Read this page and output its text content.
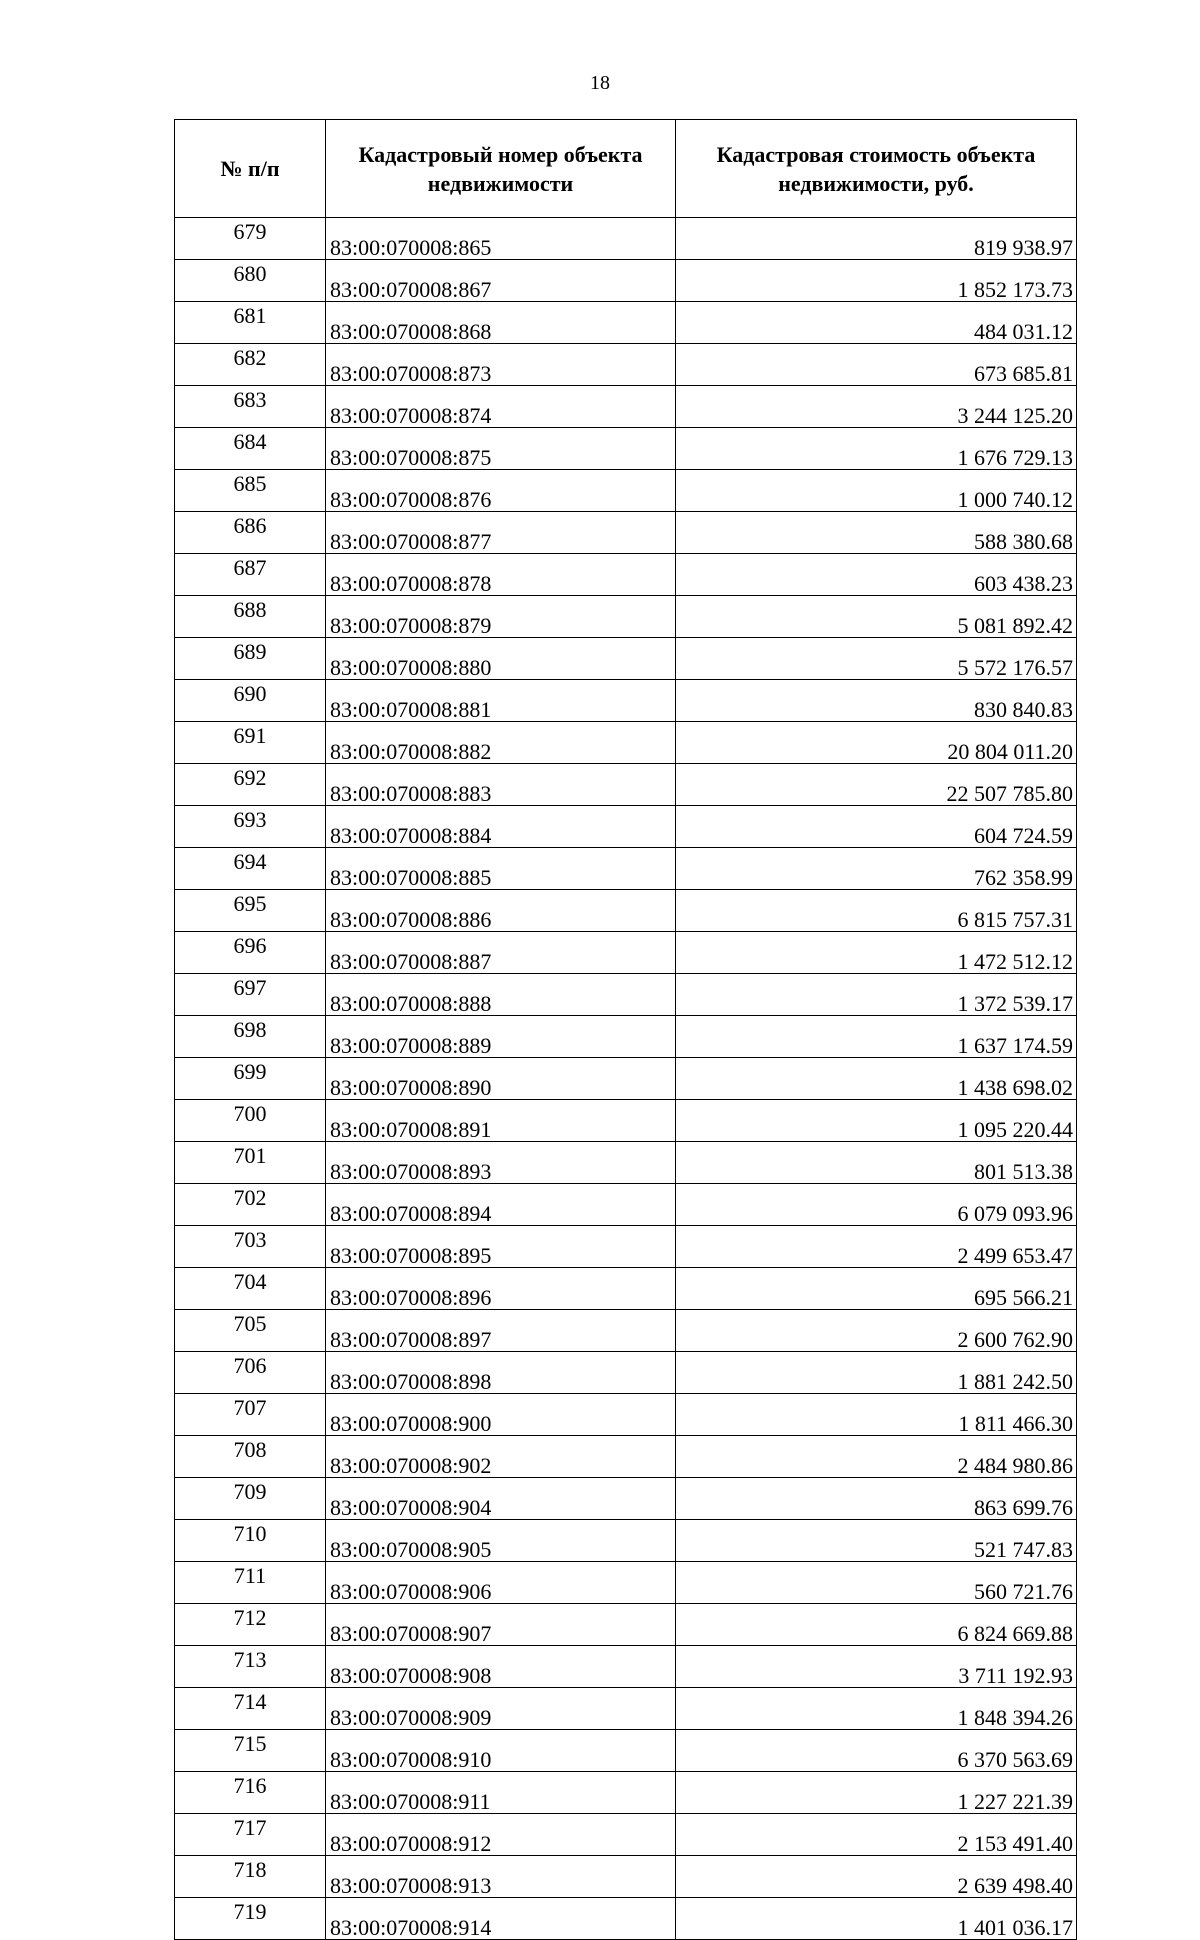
18
№ п/п	Кадастровый номер объекта недвижимости	Кадастровая стоимость объекта недвижимости, руб.
679	83:00:070008:865	819 938.97
680	83:00:070008:867	1 852 173.73
681	83:00:070008:868	484 031.12
682	83:00:070008:873	673 685.81
683	83:00:070008:874	3 244 125.20
684	83:00:070008:875	1 676 729.13
685	83:00:070008:876	1 000 740.12
686	83:00:070008:877	588 380.68
687	83:00:070008:878	603 438.23
688	83:00:070008:879	5 081 892.42
689	83:00:070008:880	5 572 176.57
690	83:00:070008:881	830 840.83
691	83:00:070008:882	20 804 011.20
692	83:00:070008:883	22 507 785.80
693	83:00:070008:884	604 724.59
694	83:00:070008:885	762 358.99
695	83:00:070008:886	6 815 757.31
696	83:00:070008:887	1 472 512.12
697	83:00:070008:888	1 372 539.17
698	83:00:070008:889	1 637 174.59
699	83:00:070008:890	1 438 698.02
700	83:00:070008:891	1 095 220.44
701	83:00:070008:893	801 513.38
702	83:00:070008:894	6 079 093.96
703	83:00:070008:895	2 499 653.47
704	83:00:070008:896	695 566.21
705	83:00:070008:897	2 600 762.90
706	83:00:070008:898	1 881 242.50
707	83:00:070008:900	1 811 466.30
708	83:00:070008:902	2 484 980.86
709	83:00:070008:904	863 699.76
710	83:00:070008:905	521 747.83
711	83:00:070008:906	560 721.76
712	83:00:070008:907	6 824 669.88
713	83:00:070008:908	3 711 192.93
714	83:00:070008:909	1 848 394.26
715	83:00:070008:910	6 370 563.69
716	83:00:070008:911	1 227 221.39
717	83:00:070008:912	2 153 491.40
718	83:00:070008:913	2 639 498.40
719	83:00:070008:914	1 401 036.17
